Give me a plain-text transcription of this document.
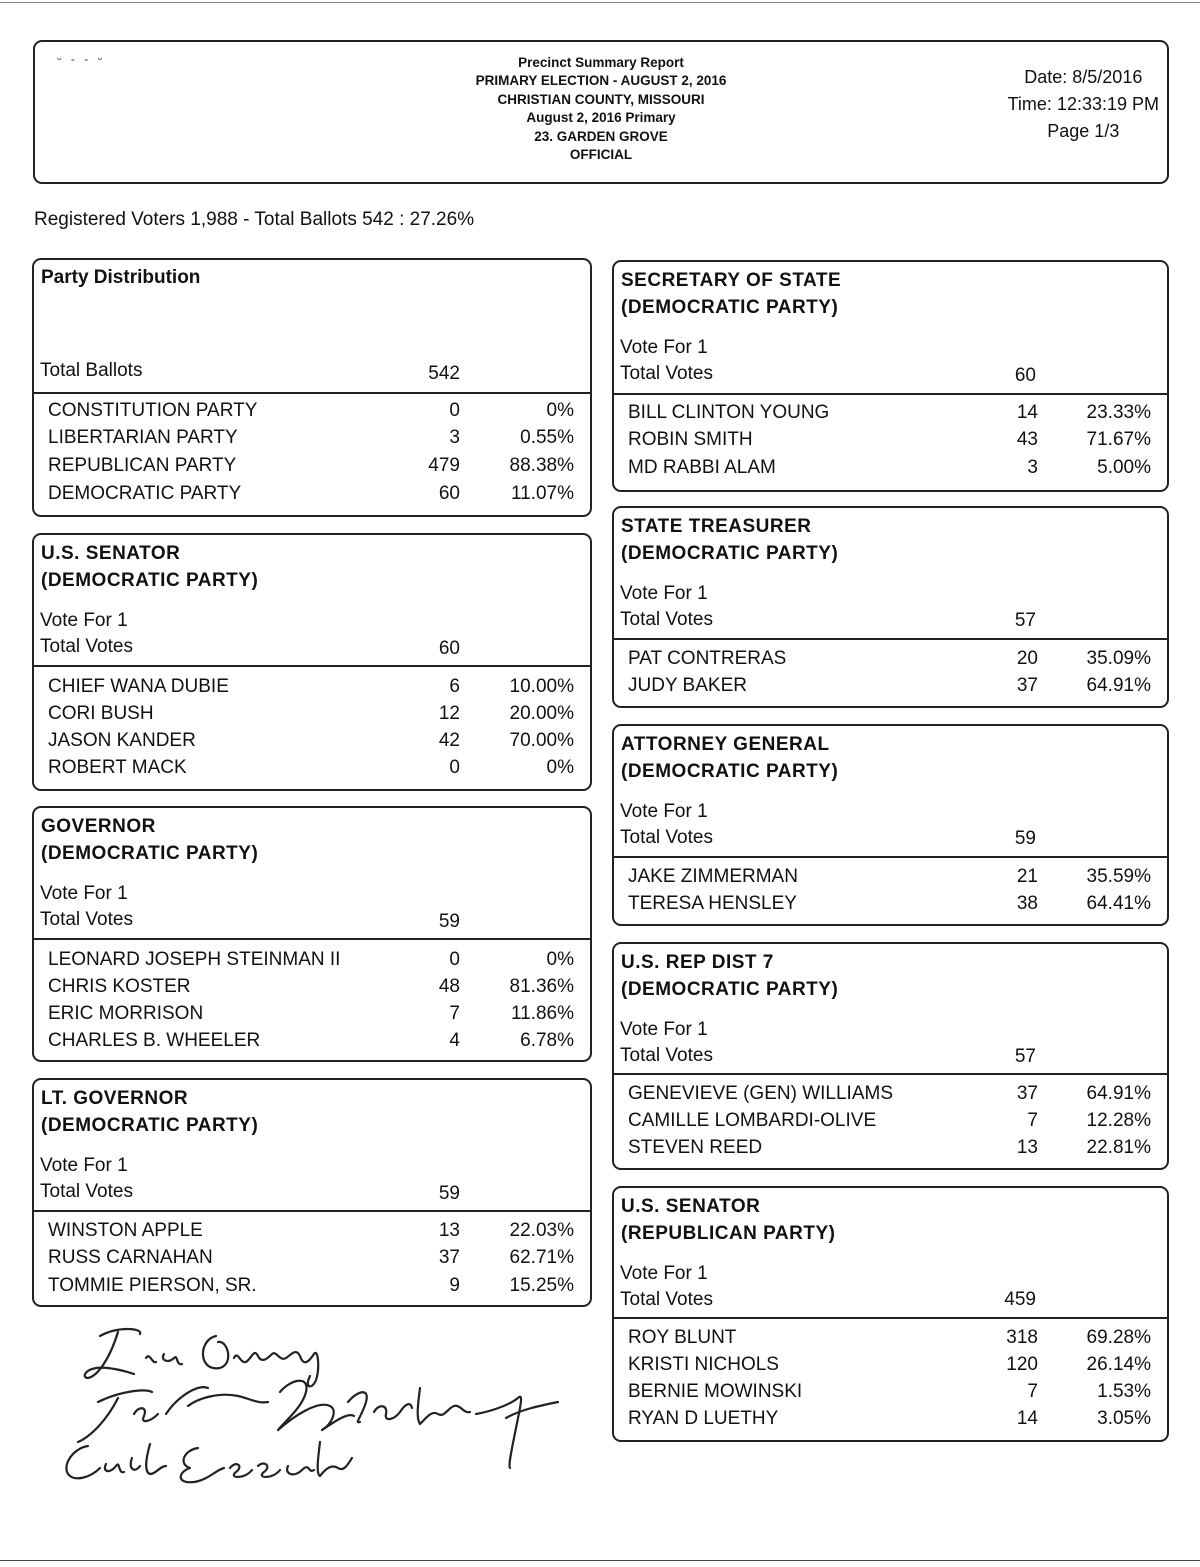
ᵕ - - ᵕ	Precinct Summary Report
PRIMARY ELECTION - AUGUST 2, 2016
CHRISTIAN COUNTY, MISSOURI
August 2, 2016 Primary
23. GARDEN GROVE
OFFICIAL
Date: 8/5/2016
Time: 12:33:19 PM
Page 1/3
Registered Voters 1,988 - Total Ballots 542 : 27.26%
Party Distribution
Total Ballots	542
CONSTITUTION PARTY	0	0%
LIBERTARIAN PARTY	3	0.55%
REPUBLICAN PARTY	479	88.38%
DEMOCRATIC PARTY	60	11.07%
U.S. SENATOR
(DEMOCRATIC PARTY)
Vote For 1
Total Votes	60
CHIEF WANA DUBIE	6	10.00%
CORI BUSH	12	20.00%
JASON KANDER	42	70.00%
ROBERT MACK	0	0%
GOVERNOR
(DEMOCRATIC PARTY)
Vote For 1
Total Votes	59
LEONARD JOSEPH STEINMAN II	0	0%
CHRIS KOSTER	48	81.36%
ERIC MORRISON	7	11.86%
CHARLES B. WHEELER	4	6.78%
LT. GOVERNOR
(DEMOCRATIC PARTY)
Vote For 1
Total Votes	59
WINSTON APPLE	13	22.03%
RUSS CARNAHAN	37	62.71%
TOMMIE PIERSON, SR.	9	15.25%
SECRETARY OF STATE
(DEMOCRATIC PARTY)
Vote For 1
Total Votes	60
BILL CLINTON YOUNG	14	23.33%
ROBIN SMITH	43	71.67%
MD RABBI ALAM	3	5.00%
STATE TREASURER
(DEMOCRATIC PARTY)
Vote For 1
Total Votes	57
PAT CONTRERAS	20	35.09%
JUDY BAKER	37	64.91%
ATTORNEY GENERAL
(DEMOCRATIC PARTY)
Vote For 1
Total Votes	59
JAKE ZIMMERMAN	21	35.59%
TERESA HENSLEY	38	64.41%
U.S. REP DIST 7
(DEMOCRATIC PARTY)
Vote For 1
Total Votes	57
GENEVIEVE (GEN) WILLIAMS	37	64.91%
CAMILLE LOMBARDI-OLIVE	7	12.28%
STEVEN REED	13	22.81%
U.S. SENATOR
(REPUBLICAN PARTY)
Vote For 1
Total Votes	459
ROY BLUNT	318	69.28%
KRISTI NICHOLS	120	26.14%
BERNIE MOWINSKI	7	1.53%
RYAN D LUETHY	14	3.05%
